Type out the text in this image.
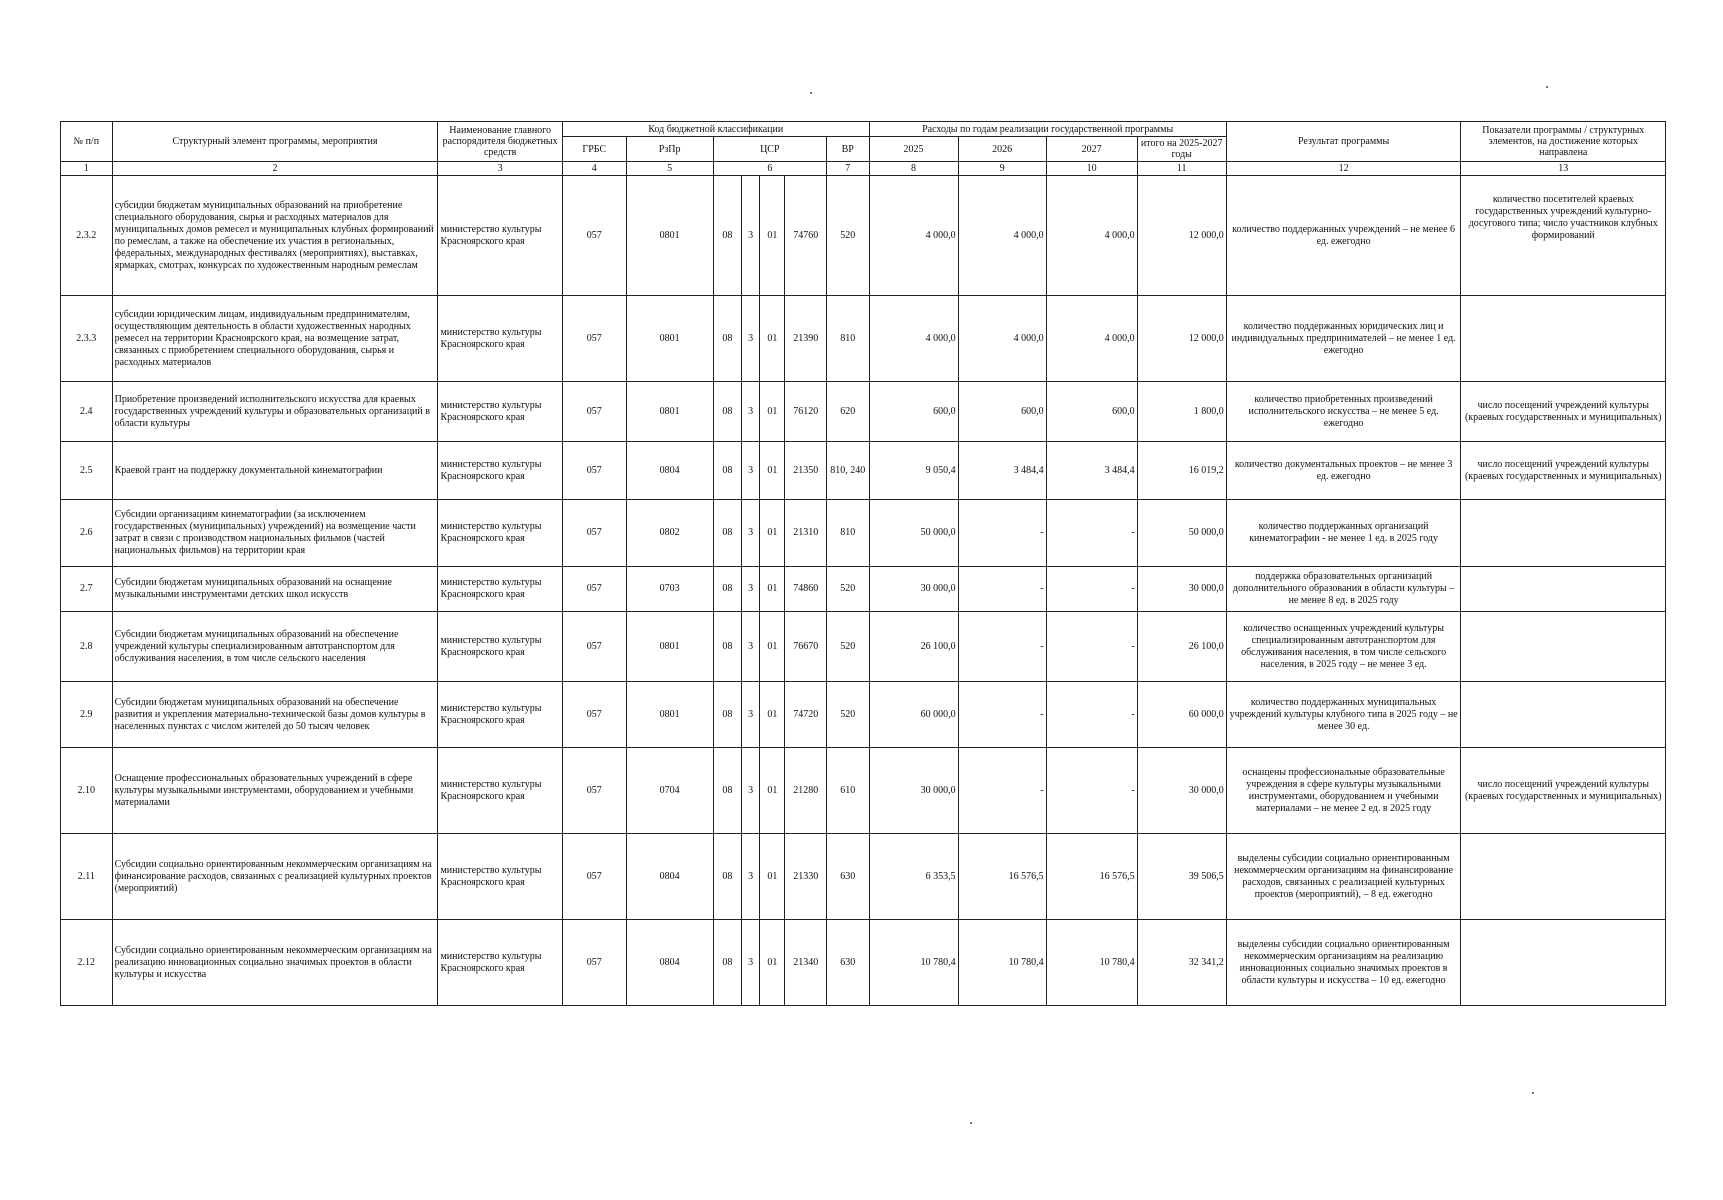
№ п/п	Структурный элемент программы, мероприятия	Наименование главного распорядителя бюджетных средств	Код бюджетной классификации							Расходы по годам реализации государственной программы				Результат программы	Показатели программы / структурных элементов, на достижение которых направлена
			ГРБС	РзПр	ЦСР				ВР	2025	2026	2027	итого на 2025-2027 годы		
1	2	3	4	5	6				7	8	9	10	11	12	13
2.3.2	субсидии бюджетам муниципальных образований на приобретение специального оборудования, сырья и расходных материалов для муниципальных домов ремесел и муниципальных клубных формирований по ремеслам, а также на обеспечение их участия в региональных, федеральных, международных фестивалях (мероприятиях), выставках, ярмарках, смотрах, конкурсах по художественным народным ремеслам	министерство культуры Красноярского края	057	0801	08	3	01	74760	520	4 000,0	4 000,0	4 000,0	12 000,0	количество поддержанных учреждений – не менее 6 ед. ежегодно	количество посетителей краевых государственных учреждений культурно-досугового типа; число участников клубных формирований
2.3.3	субсидии юридическим лицам, индивидуальным предпринимателям, осуществляющим деятельность в области художественных народных ремесел на территории Красноярского края, на возмещение затрат, связанных с приобретением специального оборудования, сырья и расходных материалов	министерство культуры Красноярского края	057	0801	08	3	01	21390	810	4 000,0	4 000,0	4 000,0	12 000,0	количество поддержанных юридических лиц и индивидуальных предпринимателей – не менее 1 ед. ежегодно	
2.4	Приобретение произведений исполнительского искусства для краевых государственных учреждений культуры и образовательных организаций в области культуры	министерство культуры Красноярского края	057	0801	08	3	01	76120	620	600,0	600,0	600,0	1 800,0	количество приобретенных произведений исполнительского искусства – не менее 5 ед. ежегодно	число посещений учреждений культуры (краевых государственных и муниципальных)
2.5	Краевой грант на поддержку документальной кинематографии	министерство культуры Красноярского края	057	0804	08	3	01	21350	810, 240	9 050,4	3 484,4	3 484,4	16 019,2	количество документальных проектов – не менее 3 ед. ежегодно	число посещений учреждений культуры (краевых государственных и муниципальных)
2.6	Субсидии организациям кинематографии (за исключением государственных (муниципальных) учреждений) на возмещение части затрат в связи с производством национальных фильмов (частей национальных фильмов) на территории края	министерство культуры Красноярского края	057	0802	08	3	01	21310	810	50 000,0	-	-	50 000,0	количество поддержанных организаций кинематографии - не менее 1 ед. в 2025 году	
2.7	Субсидии бюджетам муниципальных образований на оснащение музыкальными инструментами детских школ искусств	министерство культуры Красноярского края	057	0703	08	3	01	74860	520	30 000,0	-	-	30 000,0	поддержка образовательных организаций дополнительного образования в области культуры – не менее 8 ед. в 2025 году	
2.8	Субсидии бюджетам муниципальных образований на обеспечение учреждений культуры специализированным автотранспортом для обслуживания населения, в том числе сельского населения	министерство культуры Красноярского края	057	0801	08	3	01	76670	520	26 100,0	-	-	26 100,0	количество оснащенных учреждений культуры специализированным автотранспортом для обслуживания населения, в том числе сельского населения, в 2025 году – не менее 3 ед.	
2.9	Субсидии бюджетам муниципальных образований на обеспечение развития и укрепления материально-технической базы домов культуры в населенных пунктах с числом жителей до 50 тысяч человек	министерство культуры Красноярского края	057	0801	08	3	01	74720	520	60 000,0	-	-	60 000,0	количество поддержанных муниципальных учреждений культуры клубного типа в 2025 году – не менее 30 ед.	
2.10	Оснащение профессиональных образовательных учреждений в сфере культуры музыкальными инструментами, оборудованием и учебными материалами	министерство культуры Красноярского края	057	0704	08	3	01	21280	610	30 000,0	-	-	30 000,0	оснащены профессиональные образовательные учреждения в сфере культуры музыкальными инструментами, оборудованием и учебными материалами – не менее 2 ед. в 2025 году	число посещений учреждений культуры (краевых государственных и муниципальных)
2.11	Субсидии социально ориентированным некоммерческим организациям на финансирование расходов, связанных с реализацией культурных проектов (мероприятий)	министерство культуры Красноярского края	057	0804	08	3	01	21330	630	6 353,5	16 576,5	16 576,5	39 506,5	выделены субсидии социально ориентированным некоммерческим организациям на финансирование расходов, связанных с реализацией культурных проектов (мероприятий), – 8 ед. ежегодно	
2.12	Субсидии социально ориентированным некоммерческим организациям на реализацию инновационных социально значимых проектов в области культуры и искусства	министерство культуры Красноярского края	057	0804	08	3	01	21340	630	10 780,4	10 780,4	10 780,4	32 341,2	выделены субсидии социально ориентированным некоммерческим организациям на реализацию инновационных социально значимых проектов в области культуры и искусства – 10 ед. ежегодно	
